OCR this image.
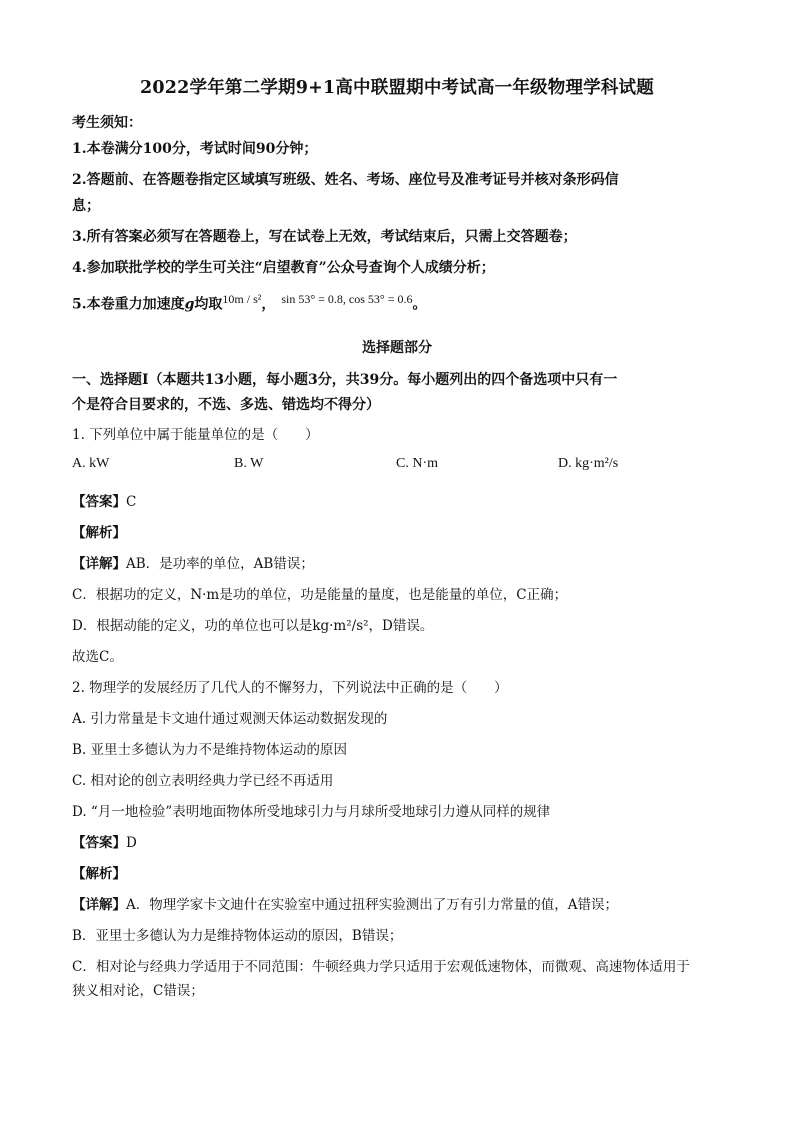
2022学年第二学期9+1高中联盟期中考试高一年级物理学科试题
考生须知：
1.本卷满分100分，考试时间90分钟；
2.答题前、在答题卷指定区域填写班级、姓名、考场、座位号及准考证号并核对条形码信
息；
3.所有答案必须写在答题卷上，写在试卷上无效，考试结束后，只需上交答题卷；
4.参加联批学校的学生可关注“启望教育”公众号查询个人成绩分析；
5.本卷重力加速度g均取$^{10m / s^2}$， $^{sin 53^\circ = 0.8, cos 53^\circ = 0.6}$。
选择题部分
一、选择题Ⅰ（本题共13小题，每小题3分，共39分。每小题列出的四个备选项中只有一
个是符合目要求的，不选、多选、错选均不得分）
1. 下列单位中属于能量单位的是（　　）
A. kW	B. W	C. N·m	D. kg·m²/s
【答案】C
【解析】
【详解】AB．是功率的单位，AB错误；
C．根据功的定义，N·m是功的单位，功是能量的量度，也是能量的单位，C正确；
D．根据动能的定义，功的单位也可以是kg·m²/s²，D错误。
故选C。
2. 物理学的发展经历了几代人的不懈努力，下列说法中正确的是（　　）
A. 引力常量是卡文迪什通过观测天体运动数据发现的
B. 亚里士多德认为力不是维持物体运动的原因
C. 相对论的创立表明经典力学已经不再适用
D. “月一地检验”表明地面物体所受地球引力与月球所受地球引力遵从同样的规律
【答案】D
【解析】
【详解】A．物理学家卡文迪什在实验室中通过扭秤实验测出了万有引力常量的值，A错误；
B．亚里士多德认为力是维持物体运动的原因，B错误；
C．相对论与经典力学适用于不同范围：牛顿经典力学只适用于宏观低速物体，而微观、高速物体适用于
狭义相对论，C错误；
